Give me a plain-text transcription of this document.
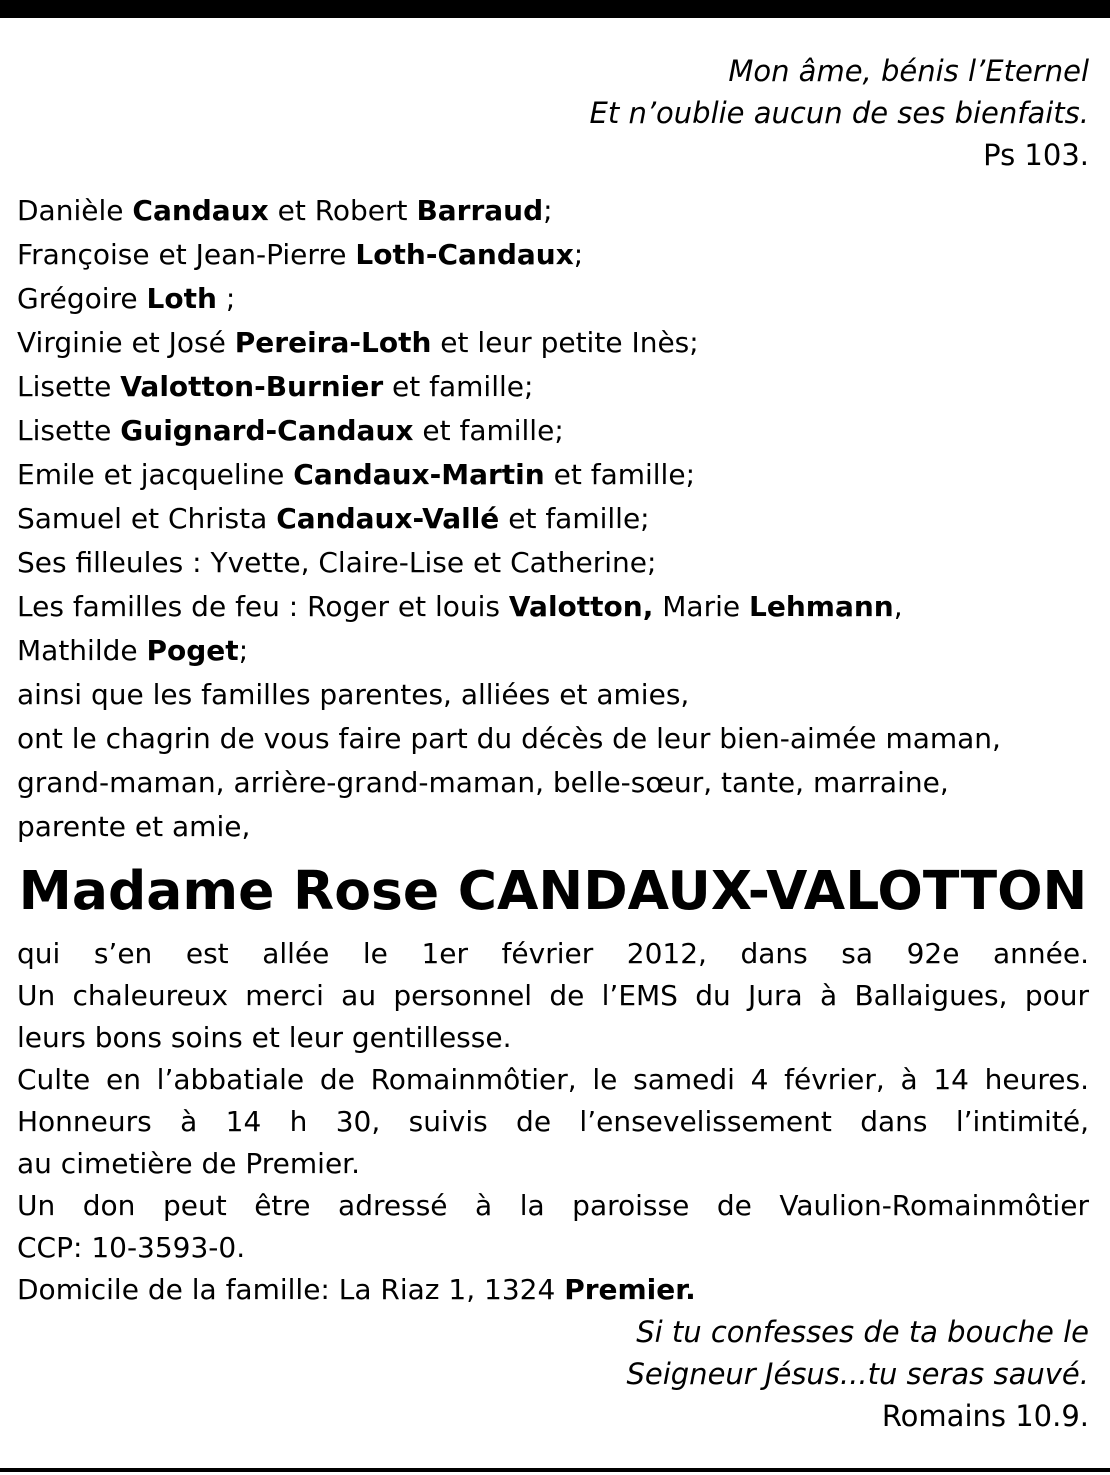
Mon âme, bénis l’Eternel
Et n’oublie aucun de ses bienfaits.
Ps 103.
Danièle Candaux et Robert Barraud;
Françoise et Jean-Pierre Loth-Candaux;
Grégoire Loth ;
Virginie et José Pereira-Loth et leur petite Inès;
Lisette Valotton-Burnier et famille;
Lisette Guignard-Candaux et famille;
Emile et jacqueline Candaux-Martin et famille;
Samuel et Christa Candaux-Vallé et famille;
Ses filleules : Yvette, Claire-Lise et Catherine;
Les familles de feu : Roger et louis Valotton, Marie Lehmann,
Mathilde Poget;
ainsi que les familles parentes, alliées et amies,
ont le chagrin de vous faire part du décès de leur bien-aimée maman,
grand-maman, arrière-grand-maman, belle-sœur, tante, marraine,
parente et amie,
Madame Rose CANDAUX-VALOTTON
qui s’en est allée le 1er février 2012, dans sa 92e année.
Un chaleureux merci au personnel de l’EMS du Jura à Ballaigues, pour
leurs bons soins et leur gentillesse.
Culte en l’abbatiale de Romainmôtier, le samedi 4 février, à 14 heures.
Honneurs à 14 h 30, suivis de l’ensevelissement dans l’intimité,
au cimetière de Premier.
Un don peut être adressé à la paroisse de Vaulion-Romainmôtier
CCP: 10-3593-0.
Domicile de la famille: La Riaz 1, 1324 Premier.
Si tu confesses de ta bouche le
Seigneur Jésus...tu seras sauvé.
Romains 10.9.
